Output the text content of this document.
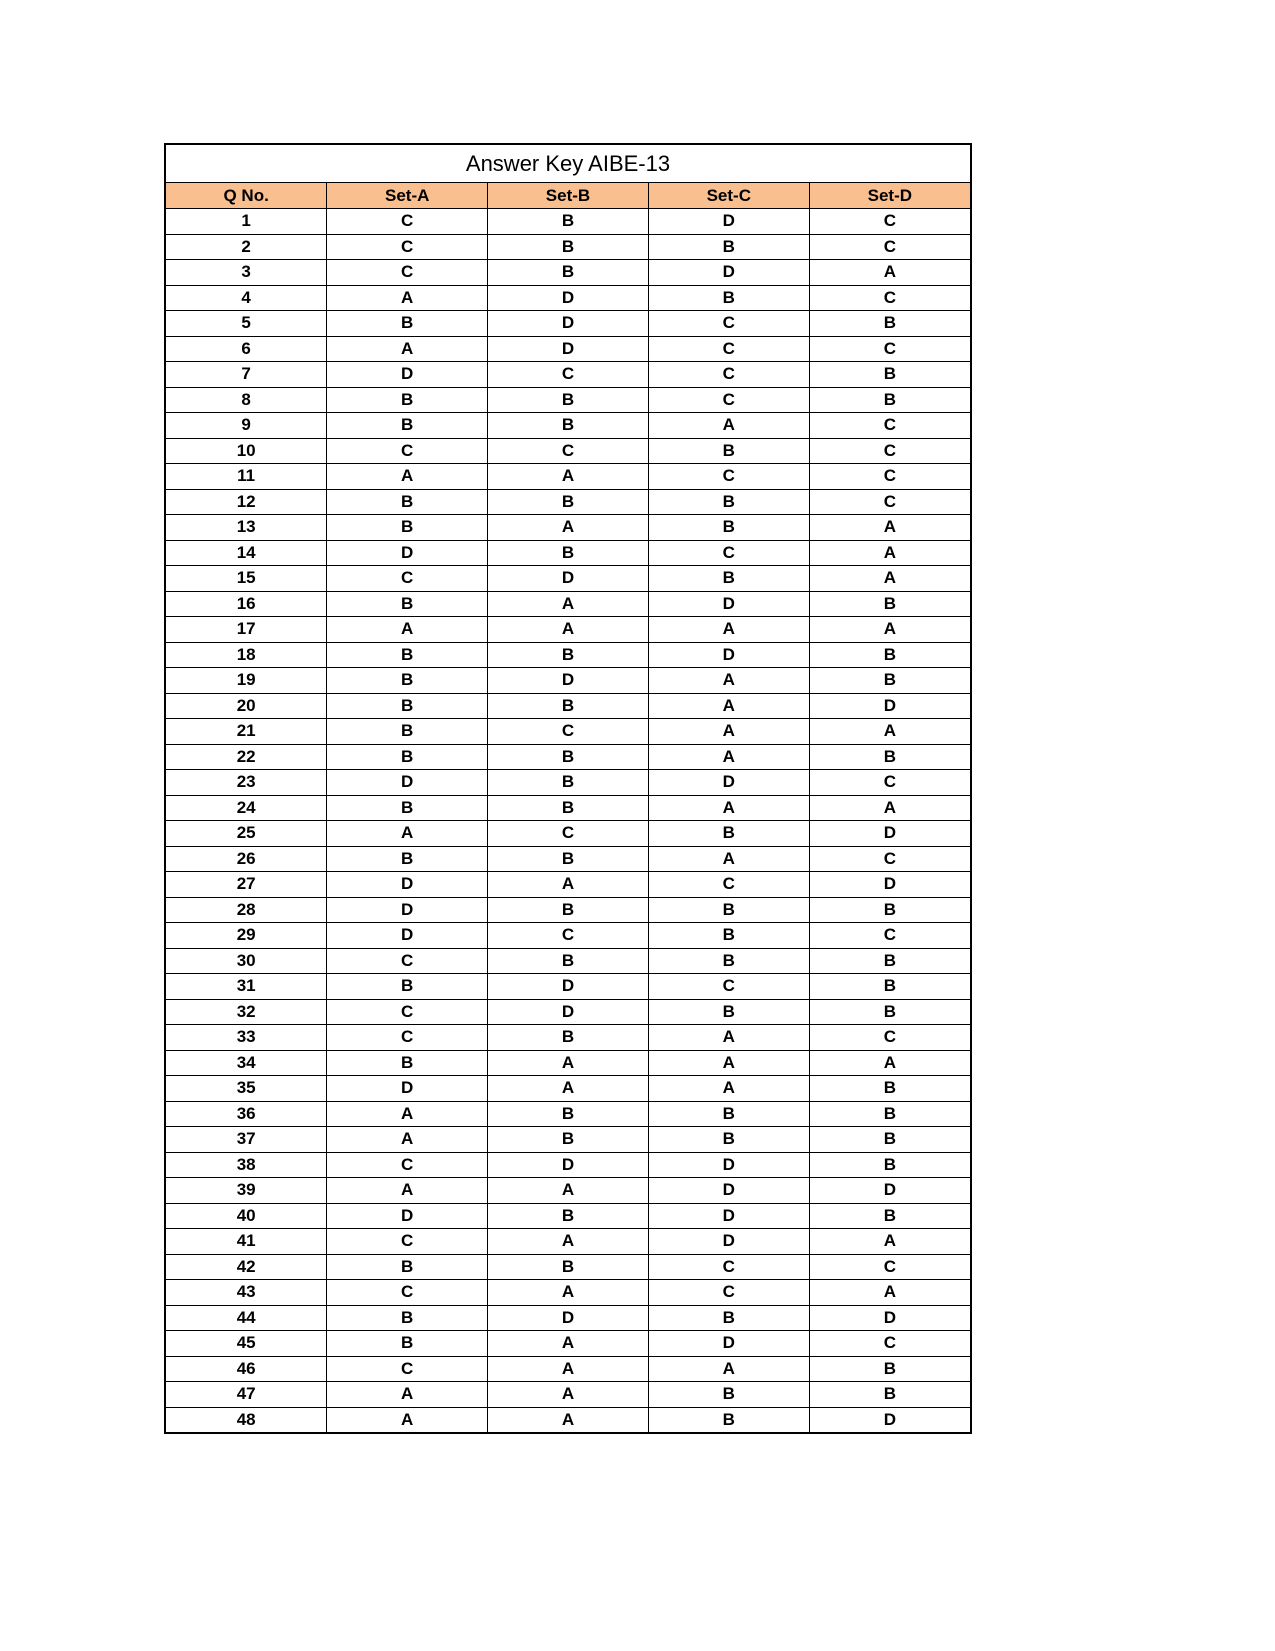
Answer Key AIBE-13
Q No.	Set-A	Set-B	Set-C	Set-D
1	C	B	D	C
2	C	B	B	C
3	C	B	D	A
4	A	D	B	C
5	B	D	C	B
6	A	D	C	C
7	D	C	C	B
8	B	B	C	B
9	B	B	A	C
10	C	C	B	C
11	A	A	C	C
12	B	B	B	C
13	B	A	B	A
14	D	B	C	A
15	C	D	B	A
16	B	A	D	B
17	A	A	A	A
18	B	B	D	B
19	B	D	A	B
20	B	B	A	D
21	B	C	A	A
22	B	B	A	B
23	D	B	D	C
24	B	B	A	A
25	A	C	B	D
26	B	B	A	C
27	D	A	C	D
28	D	B	B	B
29	D	C	B	C
30	C	B	B	B
31	B	D	C	B
32	C	D	B	B
33	C	B	A	C
34	B	A	A	A
35	D	A	A	B
36	A	B	B	B
37	A	B	B	B
38	C	D	D	B
39	A	A	D	D
40	D	B	D	B
41	C	A	D	A
42	B	B	C	C
43	C	A	C	A
44	B	D	B	D
45	B	A	D	C
46	C	A	A	B
47	A	A	B	B
48	A	A	B	D
